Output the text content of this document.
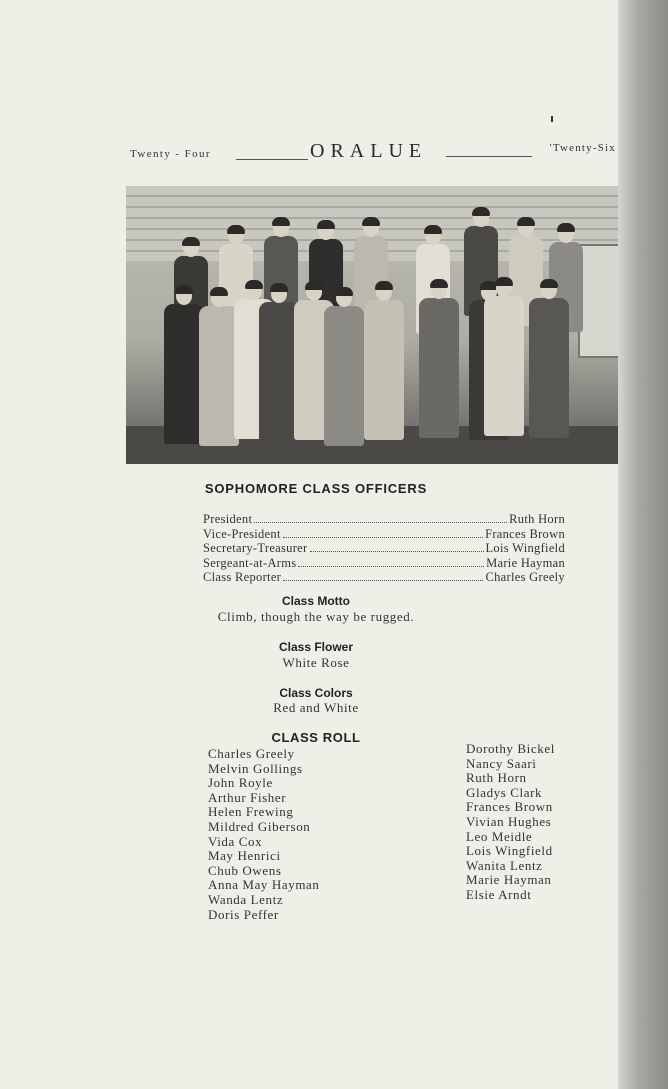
Twenty - Four	ORALUE	'Twenty-Six
SOPHOMORE CLASS OFFICERS
President	Ruth Horn
Vice-President	Frances Brown
Secretary-Treasurer	Lois Wingfield
Sergeant-at-Arms	Marie Hayman
Class Reporter	Charles Greely
Class Motto
Climb, though the way be rugged.
Class Flower
White Rose
Class Colors
Red and White
CLASS ROLL
Charles Greely
Melvin Gollings
John Royle
Arthur Fisher
Helen Frewing
Mildred Giberson
Vida Cox
May Henrici
Chub Owens
Anna May Hayman
Wanda Lentz
Doris Peffer
Dorothy Bickel
Nancy Saari
Ruth Horn
Gladys Clark
Frances Brown
Vivian Hughes
Leo Meidle
Lois Wingfield
Wanita Lentz
Marie Hayman
Elsie Arndt
